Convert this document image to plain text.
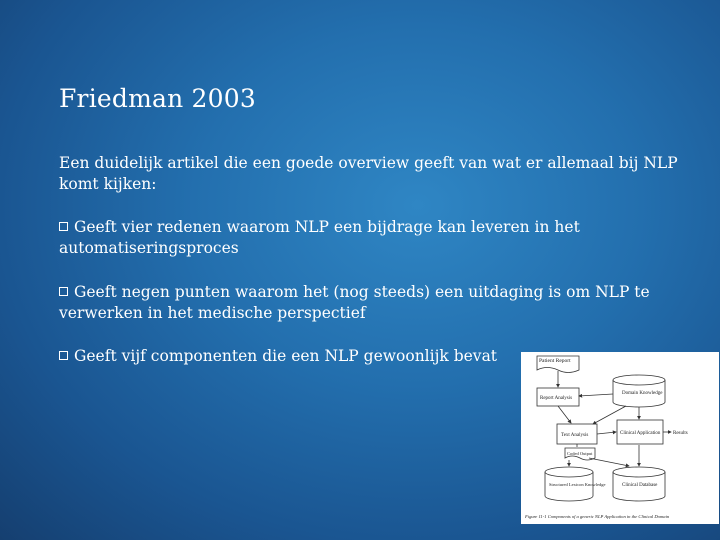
Friedman 2003

Een duidelijk artikel die een goede overview geeft van wat er allemaal bij NLP komt kijken:

Geeft vier redenen waarom NLP een bijdrage kan leveren in het automatiseringsproces

Geeft negen punten waarom het (nog steeds) een uitdaging is om NLP te verwerken in het medische perspectief

Geeft vijf componenten die een NLP gewoonlijk bevat	Patient Report
Report Analysis
Domain Knowledge
Text Analysis	Clinical Application	Results
Coded Output
Structured Lexicon Knowledge	Clinical Database
Figure 11-1 Components of a generic NLP Application in the Clinical Domain
